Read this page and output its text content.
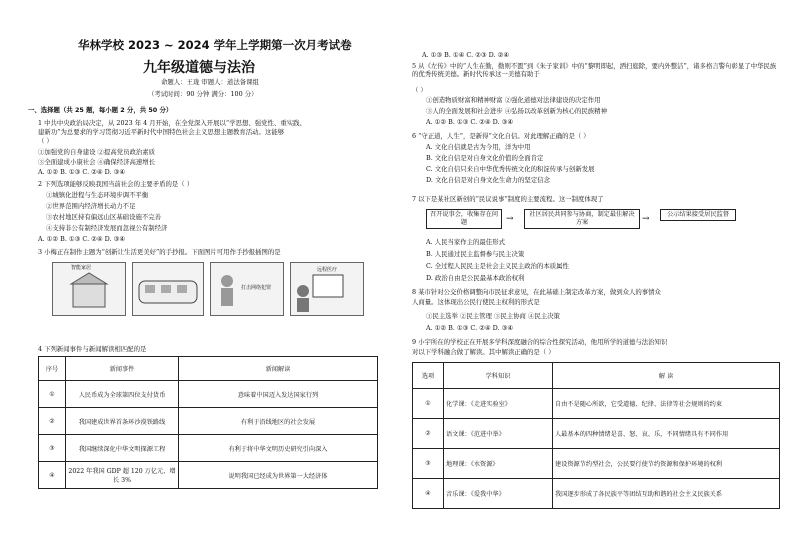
华林学校 2023 ~ 2024 学年上学期第一次月考试卷
九年级道德与法治
命题人：王珑 审题人：道法备课组
（考试时间：90 分钟 满分：100 分）
一、选择题（共 25 题，每小题 2 分，共 50 分）
1 中共中央政治局决定，从 2023 年 4 月开始，在全党深入开展以“学思想、强党性、重实践、
建新功”为总要求的学习贯彻习近平新时代中国特色社会主义思想主题教育活动。这能够
（ ）
①加强党的自身建设 ②提高党员政治素质
③全面建成小康社会 ④确保经济高速增长
A. ①② B. ①③ C. ②④ D. ③④
2 下列选项能够反映我国当前社会的主要矛盾的是（ ）
①城镇化进程与生态环境步调不平衡
②世界范围内经济增长动力不足
③农村地区持有偏远山区基础设施不完善
④支持非公有制经济发展而忽视公有制经济
A. ①② B. ①③ C. ②④ D. ③④
3 小梅正在制作主题为“创新让生活更美好”的手抄报。下面图片可用作手抄报插图的是
智能家居
打击网络犯罪
远程医疗
4 下列新闻事件与新闻解读相匹配的是
序号	新闻事件	新闻解读
①	人民币成为全球第四位支付货币	意味着中国迈入发达国家行列
②	我国建成世界首条环沙漠铁路线	有利于沿线地区的社会发展
③	我国继续深化中华文明探源工程	有利于将中华文明历史研究引向深入
④	2022 年我国 GDP 超 120 万亿元，增长 3%	说明我国已经成为世界第一大经济体
A. ①③ B. ①④ C. ②③ D. ②④
5 从《左传》中的“人生在勤，勤则不匮”到《朱子家训》中的“黎明即起，洒扫庭除，要内外整洁”，诸多格言警句彰显了中华民族的优秀传统美德。新时代传承这一美德有助于
（ ）
①创造物质财富和精神财富 ②强化道德对法律建设的决定作用
③人的全面发展和社会进步 ④弘扬以改革创新为核心的民族精神
A. ①② B. ①③ C. ②④ D. ③④
6 “守正道，人生”，是新得“文化自信。对此理解正确的是（ ）
A. 文化自信就是古为今用，洋为中用
B. 文化自信是对自身文化价值的全面肯定
C. 文化自信只来自中华优秀传统文化的积淀传承与创新发展
D. 文化自信是对自身文化生命力的坚定信念
7 以下是某社区新创的“民议说事”制度的主要流程。这一制度体现了
召开说事会，收集存在问题	→	社区居民共同参与协商，制定最佳解决方案	→	公示结果接受居民监督
A. 人民当家作主的最佳形式
B. 人民通过民主监督参与民主决策
C. 全过程人民民主是社会主义民主政治的本质属性
D. 政治自由是公民最基本政治权利
8 某市针对公交价格调整向市民征求意见，在此基础上制定改革方案，做到众人的事情众
人商量。这体现出公民行使民主权利的形式是
①民主选举 ②民主管理 ③民主协商 ④民主决策
A. ①② B. ①③ C. ②④ D. ③④
9 小宇所在的学校正在开展多学科深度融合的综合性探究活动，他用所学的道德与法治知识
对以下学科融合做了解读。其中解读正确的是（ ）
选项	学科知识	解 读
①	化学课：《走进实验室》	自由不是随心所欲，它受道德、纪律、法律等社会规则的约束
②	语文课：《范进中举》	人最基本的四种情绪是喜、怒、哀、乐，不同情绪具有不同作用
③	地理课：《水资源》	建设资源节约型社会，公民要行使节约资源和保护环境的权利
④	音乐课：《爱我中华》	我国逐步形成了各民族平等团结互助和谐的社会主义民族关系
